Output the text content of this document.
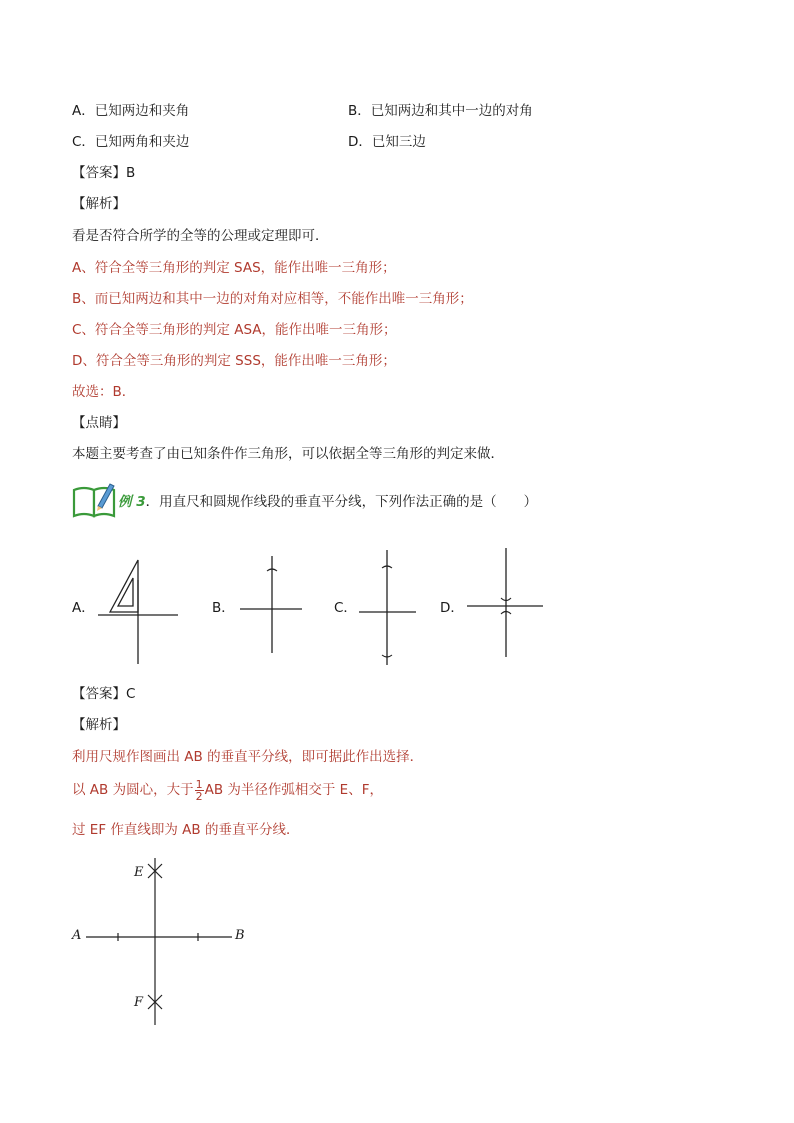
A．已知两边和夹角	B．已知两边和其中一边的对角
C．已知两角和夹边	D．已知三边
【答案】B
【解析】
看是否符合所学的全等的公理或定理即可．
A、符合全等三角形的判定 SAS，能作出唯一三角形；
B、而已知两边和其中一边的对角对应相等，不能作出唯一三角形；
C、符合全等三角形的判定 ASA，能作出唯一三角形；
D、符合全等三角形的判定 SSS，能作出唯一三角形；
故选：B．
【点睛】
本题主要考查了由已知条件作三角形，可以依据全等三角形的判定来做．
例 3．用直尺和圆规作线段的垂直平分线，下列作法正确的是（　　）
A．	B．	C．	D．
【答案】C
【解析】
利用尺规作图画出 AB 的垂直平分线，即可据此作出选择．
以 AB 为圆心，大于 $\frac{1}{2}$ AB 为半径作弧相交于 E、F，
过 EF 作直线即为 AB 的垂直平分线．
E
A	B
F
